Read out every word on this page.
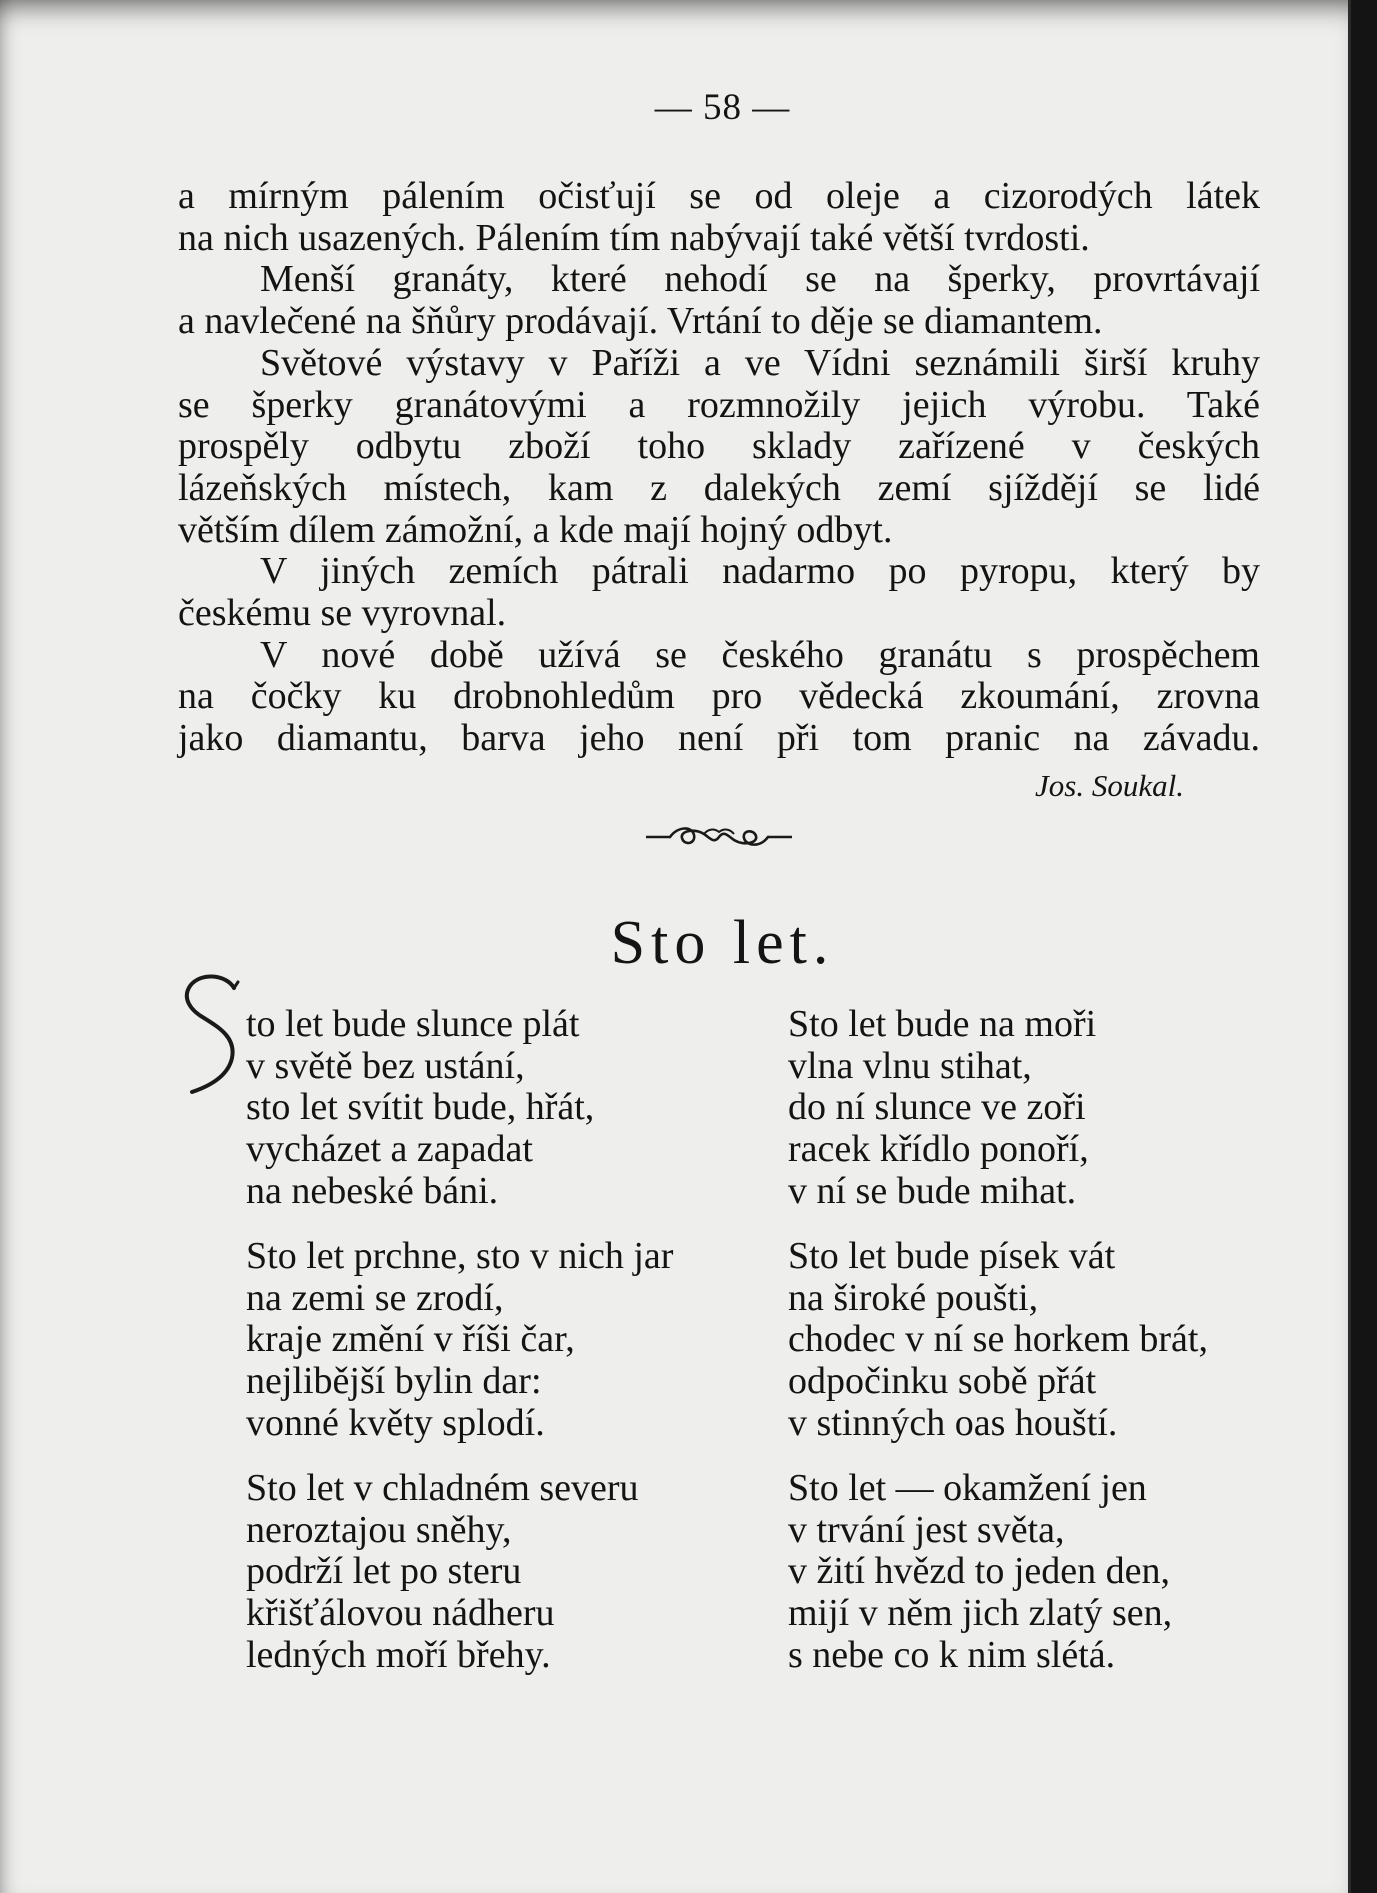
— 58 —

a mírným pálením očisťují se od oleje a cizorodých látek

na nich usazených. Pálením tím nabývají také větší tvrdosti.

Menší granáty, které nehodí se na šperky, provrtávají

a navlečené na šňůry prodávají. Vrtání to děje se diamantem.

Světové výstavy v Paříži a ve Vídni seznámili širší kruhy

se šperky granátovými a rozmnožily jejich výrobu. Také

prospěly odbytu zboží toho sklady zařízené v českých

lázeňských místech, kam z dalekých zemí sjíždějí se lidé

větším dílem zámožní, a kde mají hojný odbyt.

V jiných zemích pátrali nadarmo po pyropu, který by

českému se vyrovnal.

V nové době užívá se českého granátu s prospěchem

na čočky ku drobnohledům pro vědecká zkoumání, zrovna

jako diamantu, barva jeho není při tom pranic na závadu.

Jos. Soukal.
Sto let.
to let bude slunce plát
v světě bez ustání,
sto let svítit bude, hřát,
vycházet a zapadat
na nebeské báni.
Sto let bude na moři
vlna vlnu stihat,
do ní slunce ve zoři
racek křídlo ponoří,
v ní se bude mihat.
Sto let prchne, sto v nich jar
na zemi se zrodí,
kraje změní v říši čar,
nejlibější bylin dar:
vonné květy splodí.
Sto let bude písek vát
na široké poušti,
chodec v ní se horkem brát,
odpočinku sobě přát
v stinných oas houští.
Sto let v chladném severu
neroztajou sněhy,
podrží let po steru
křišťálovou nádheru
ledných moří břehy.
Sto let — okamžení jen
v trvání jest světa,
v žití hvězd to jeden den,
mijí v něm jich zlatý sen,
s nebe co k nim slétá.
